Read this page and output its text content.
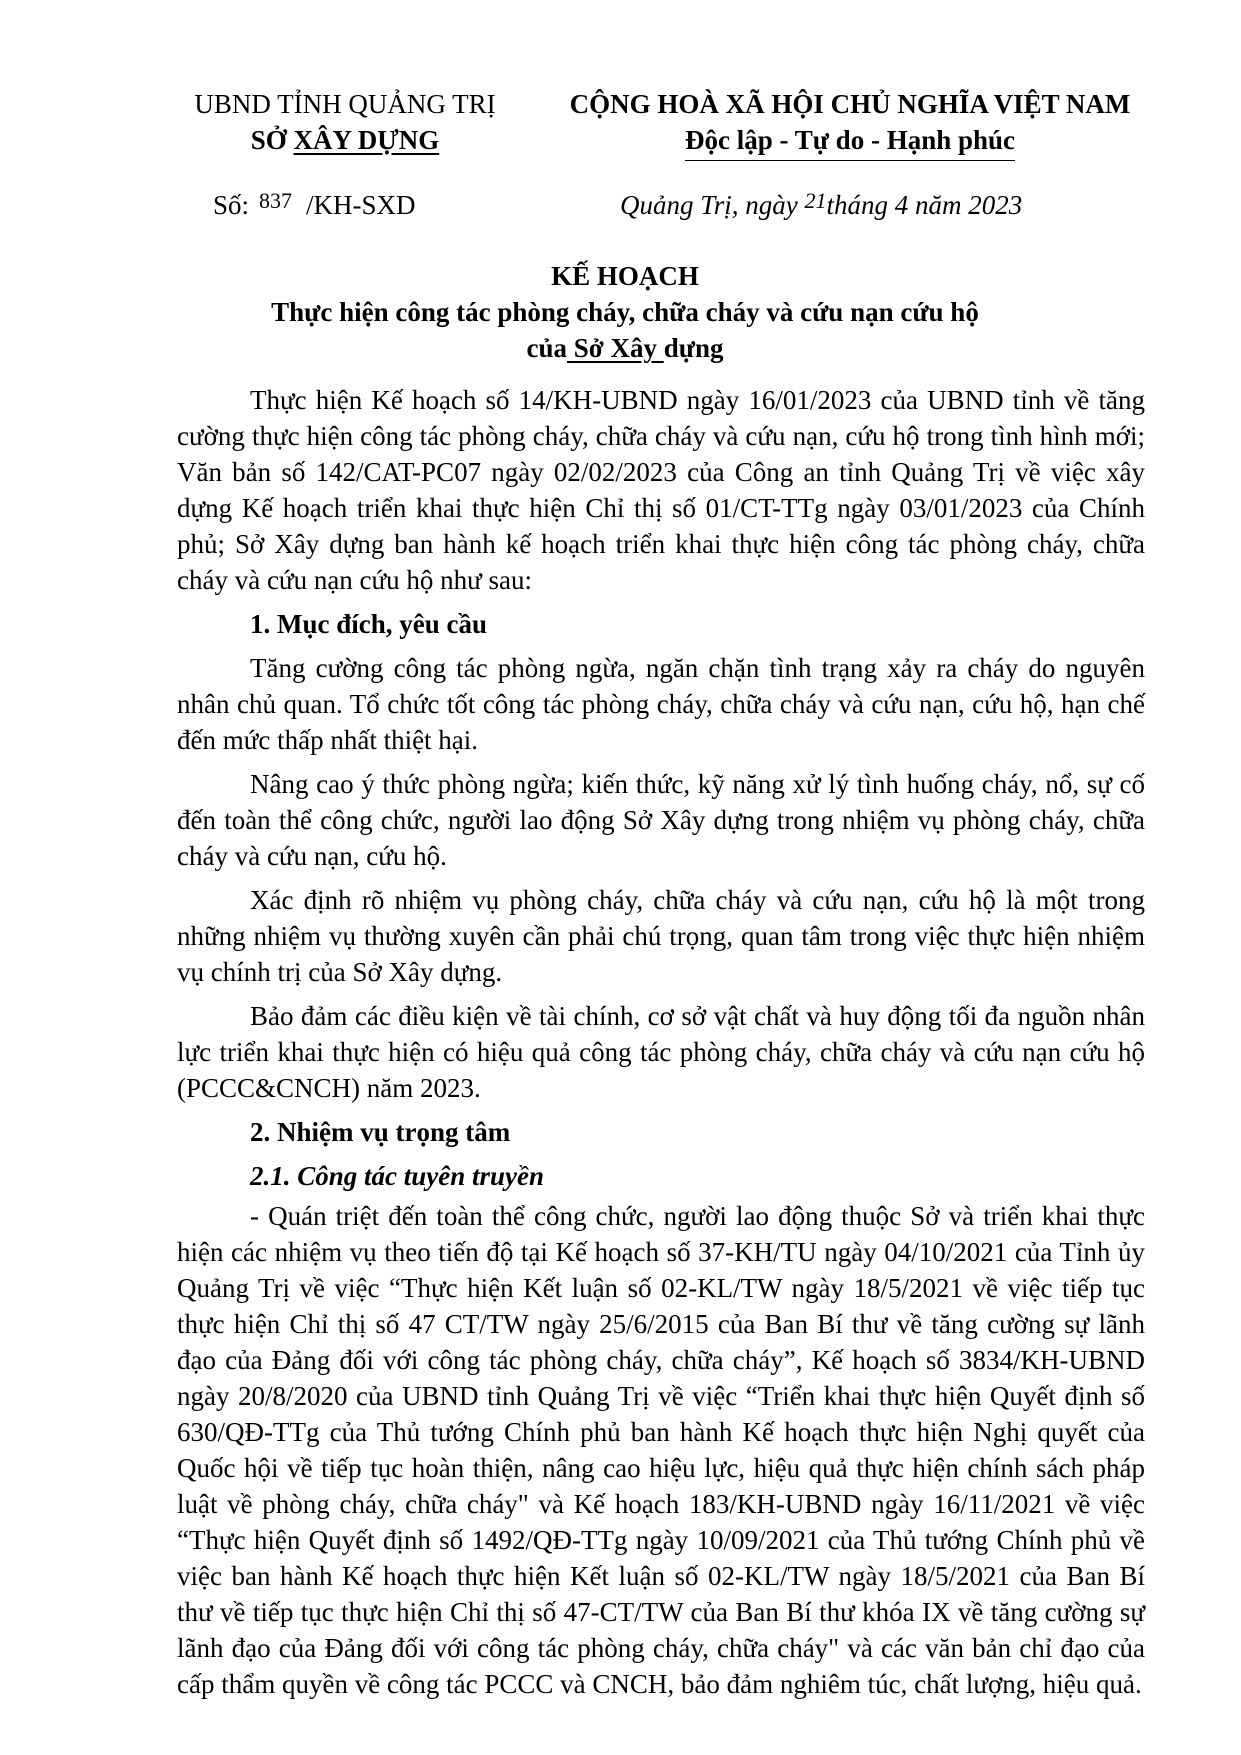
UBND TỈNH QUẢNG TRỊ
SỞ XÂY DỰNG
CỘNG HOÀ XÃ HỘI CHỦ NGHĨA VIỆT NAM
Độc lập - Tự do - Hạnh phúc
Số: $^{837}$ /KH-SXD	Quảng Trị, ngày $^{21}$tháng 4 năm 2023
KẾ HOẠCH
Thực hiện công tác phòng cháy, chữa cháy và cứu nạn cứu hộ
của Sở Xây dựng

Thực hiện Kế hoạch số 14/KH-UBND ngày 16/01/2023 của UBND tỉnh về tăng cường thực hiện công tác phòng cháy, chữa cháy và cứu nạn, cứu hộ trong tình hình mới; Văn bản số 142/CAT-PC07 ngày 02/02/2023 của Công an tỉnh Quảng Trị về việc xây dựng Kế hoạch triển khai thực hiện Chỉ thị số 01/CT-TTg ngày 03/01/2023 của Chính phủ; Sở Xây dựng ban hành kế hoạch triển khai thực hiện công tác phòng cháy, chữa cháy và cứu nạn cứu hộ như sau:

1. Mục đích, yêu cầu

Tăng cường công tác phòng ngừa, ngăn chặn tình trạng xảy ra cháy do nguyên nhân chủ quan. Tổ chức tốt công tác phòng cháy, chữa cháy và cứu nạn, cứu hộ, hạn chế đến mức thấp nhất thiệt hại.

Nâng cao ý thức phòng ngừa; kiến thức, kỹ năng xử lý tình huống cháy, nổ, sự cố đến toàn thể công chức, người lao động Sở Xây dựng trong nhiệm vụ phòng cháy, chữa cháy và cứu nạn, cứu hộ.

Xác định rõ nhiệm vụ phòng cháy, chữa cháy và cứu nạn, cứu hộ là một trong những nhiệm vụ thường xuyên cần phải chú trọng, quan tâm trong việc thực hiện nhiệm vụ chính trị của Sở Xây dựng.

Bảo đảm các điều kiện về tài chính, cơ sở vật chất và huy động tối đa nguồn nhân lực triển khai thực hiện có hiệu quả công tác phòng cháy, chữa cháy và cứu nạn cứu hộ (PCCC&CNCH) năm 2023.

2. Nhiệm vụ trọng tâm
2.1. Công tác tuyên truyền

- Quán triệt đến toàn thể công chức, người lao động thuộc Sở và triển khai thực hiện các nhiệm vụ theo tiến độ tại Kế hoạch số 37-KH/TU ngày 04/10/2021 của Tỉnh ủy Quảng Trị về việc “Thực hiện Kết luận số 02-KL/TW ngày 18/5/2021 về việc tiếp tục thực hiện Chỉ thị số 47 CT/TW ngày 25/6/2015 của Ban Bí thư về tăng cường sự lãnh đạo của Đảng đối với công tác phòng cháy, chữa cháy”, Kế hoạch số 3834/KH-UBND ngày 20/8/2020 của UBND tỉnh Quảng Trị về việc “Triển khai thực hiện Quyết định số 630/QĐ-TTg của Thủ tướng Chính phủ ban hành Kế hoạch thực hiện Nghị quyết của Quốc hội về tiếp tục hoàn thiện, nâng cao hiệu lực, hiệu quả thực hiện chính sách pháp luật về phòng cháy, chữa cháy" và Kế hoạch 183/KH-UBND ngày 16/11/2021 về việc “Thực hiện Quyết định số 1492/QĐ-TTg ngày 10/09/2021 của Thủ tướng Chính phủ về việc ban hành Kế hoạch thực hiện Kết luận số 02-KL/TW ngày 18/5/2021 của Ban Bí thư về tiếp tục thực hiện Chỉ thị số 47-CT/TW của Ban Bí thư khóa IX về tăng cường sự lãnh đạo của Đảng đối với công tác phòng cháy, chữa cháy" và các văn bản chỉ đạo của cấp thẩm quyền về công tác PCCC và CNCH, bảo đảm nghiêm túc, chất lượng, hiệu quả.
